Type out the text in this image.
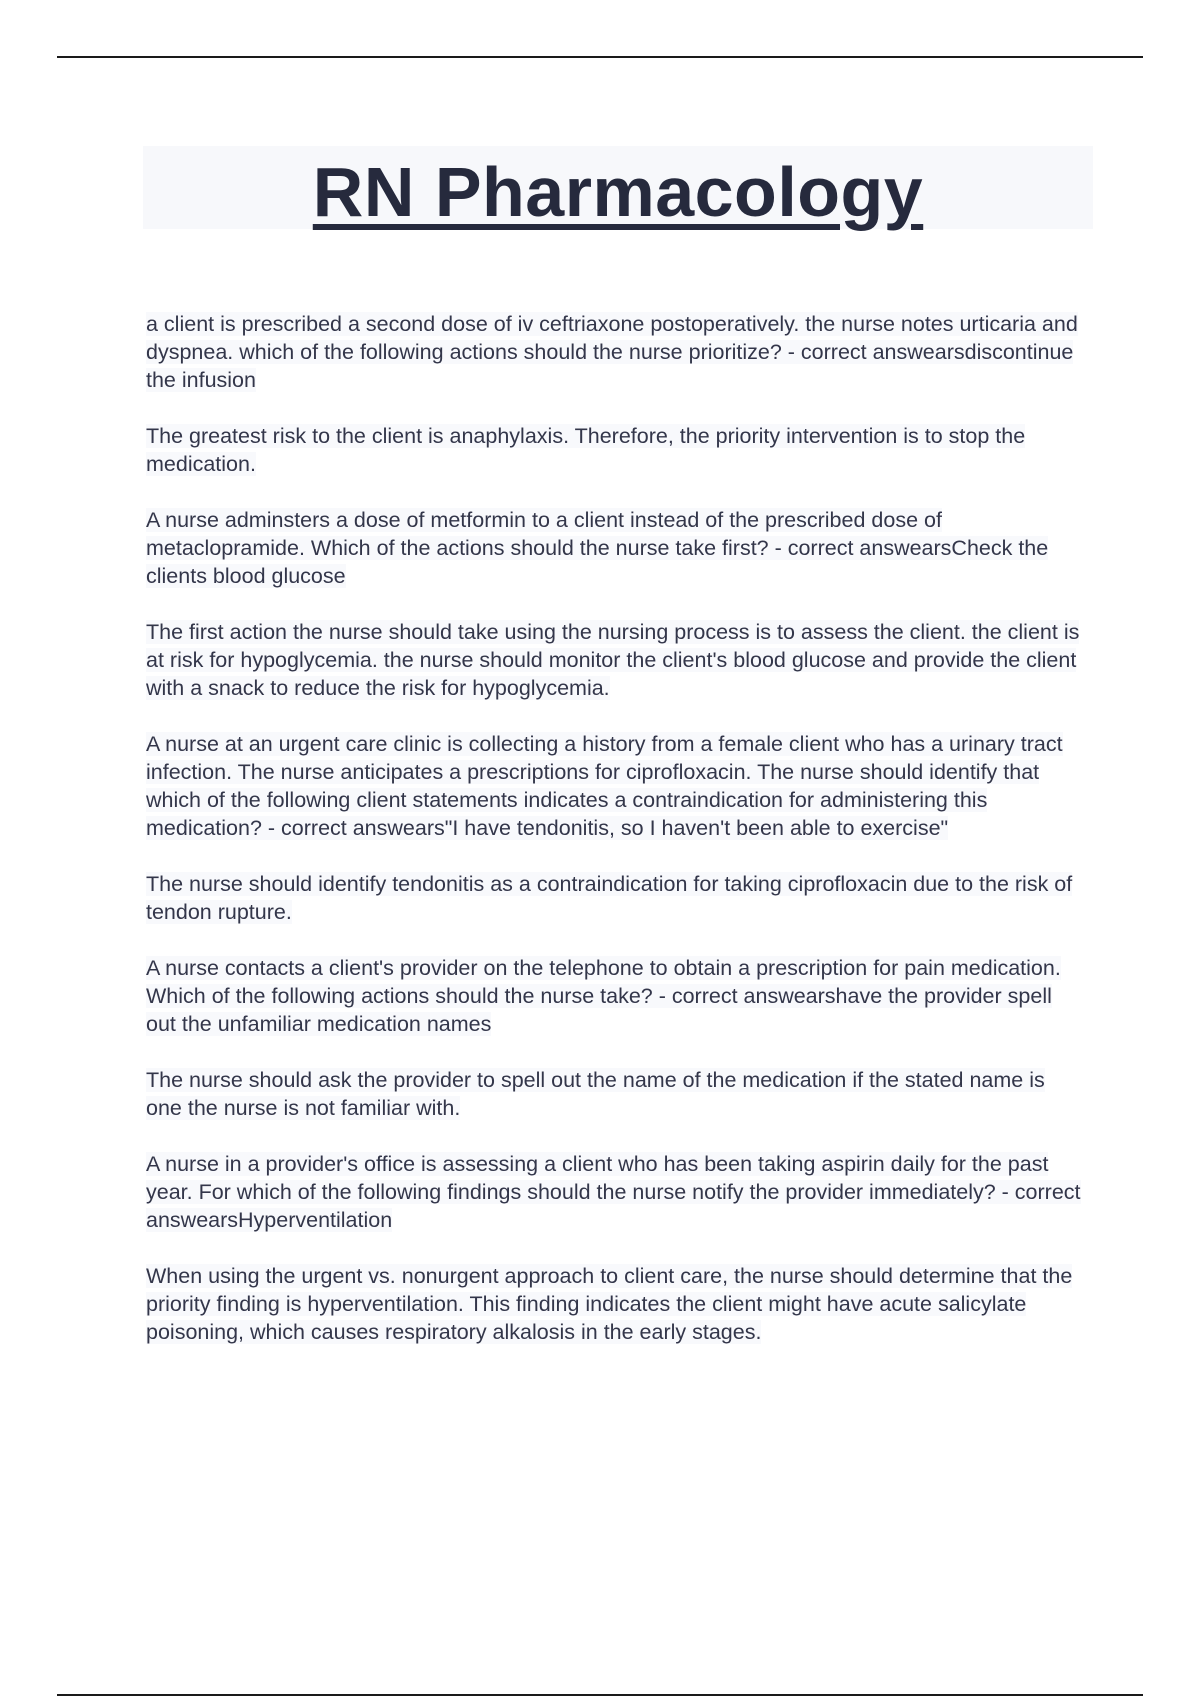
RN Pharmacology

a client is prescribed a second dose of iv ceftriaxone postoperatively. the nurse notes urticaria and dyspnea. which of the following actions should the nurse prioritize? - correct answearsdiscontinue the infusion

The greatest risk to the client is anaphylaxis. Therefore, the priority intervention is to stop the medication.

A nurse adminsters a dose of metformin to a client instead of the prescribed dose of metaclopramide. Which of the actions should the nurse take first? - correct answearsCheck the clients blood glucose

The first action the nurse should take using the nursing process is to assess the client. the client is at risk for hypoglycemia. the nurse should monitor the client's blood glucose and provide the client with a snack to reduce the risk for hypoglycemia.

A nurse at an urgent care clinic is collecting a history from a female client who has a urinary tract infection. The nurse anticipates a prescriptions for ciprofloxacin. The nurse should identify that which of the following client statements indicates a contraindication for administering this medication? - correct answears"I have tendonitis, so I haven't been able to exercise"

The nurse should identify tendonitis as a contraindication for taking ciprofloxacin due to the risk of tendon rupture.

A nurse contacts a client's provider on the telephone to obtain a prescription for pain medication. Which of the following actions should the nurse take? - correct answearshave the provider spell out the unfamiliar medication names

The nurse should ask the provider to spell out the name of the medication if the stated name is one the nurse is not familiar with.

A nurse in a provider's office is assessing a client who has been taking aspirin daily for the past year. For which of the following findings should the nurse notify the provider immediately? - correct answearsHyperventilation

When using the urgent vs. nonurgent approach to client care, the nurse should determine that the priority finding is hyperventilation. This finding indicates the client might have acute salicylate poisoning, which causes respiratory alkalosis in the early stages.
